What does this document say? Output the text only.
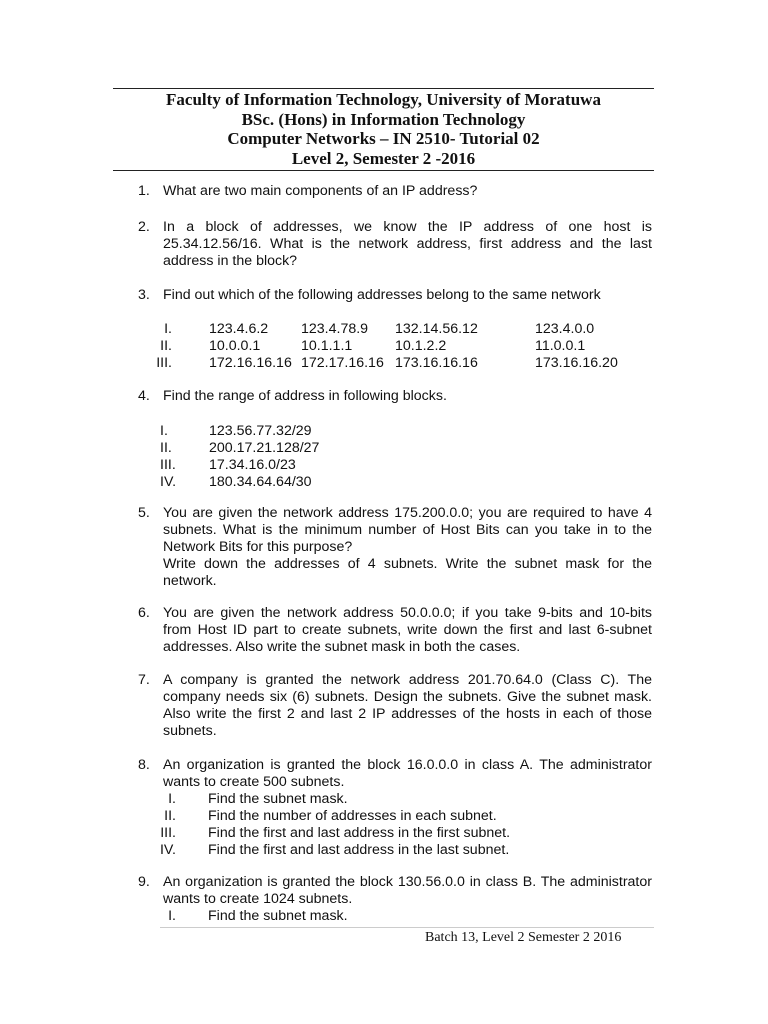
Faculty of Information Technology, University of Moratuwa
BSc. (Hons) in Information Technology
Computer Networks – IN 2510- Tutorial 02
Level 2, Semester 2 -2016
1. What are two main components of an IP address?
2. In a block of addresses, we know the IP address of one host is 25.34.12.56/16. What is the network address, first address and the last address in the block?
3. Find out which of the following addresses belong to the same network
I.	123.4.6.2 123.4.78.9 132.14.56.12	123.4.0.0
II.	10.0.0.1	10.1.1.1	10.1.2.2	11.0.0.1
III.	172.16.16.16 172.17.16.16 173.16.16.16	173.16.16.20
4. Find the range of address in following blocks.
I.	123.56.77.32/29
II.	200.17.21.128/27
III. 17.34.16.0/23
IV. 180.34.64.64/30
5. You are given the network address 175.200.0.0; you are required to have 4 subnets. What is the minimum number of Host Bits can you take in to the Network Bits for this purpose?
Write down the addresses of 4 subnets. Write the subnet mask for the network.
6. You are given the network address 50.0.0.0; if you take 9-bits and 10-bits from Host ID part to create subnets, write down the first and last 6-subnet addresses. Also write the subnet mask in both the cases.
7. A company is granted the network address 201.70.64.0 (Class C). The company needs six (6) subnets. Design the subnets. Give the subnet mask. Also write the first 2 and last 2 IP addresses of the hosts in each of those subnets.
8. An organization is granted the block 16.0.0.0 in class A. The administrator wants to create 500 subnets.
I. Find the subnet mask.
II. Find the number of addresses in each subnet.
III. Find the first and last address in the first subnet.
IV. Find the first and last address in the last subnet.
9. An organization is granted the block 130.56.0.0 in class B. The administrator wants to create 1024 subnets.
I. Find the subnet mask.
Batch 13, Level 2 Semester 2 2016
